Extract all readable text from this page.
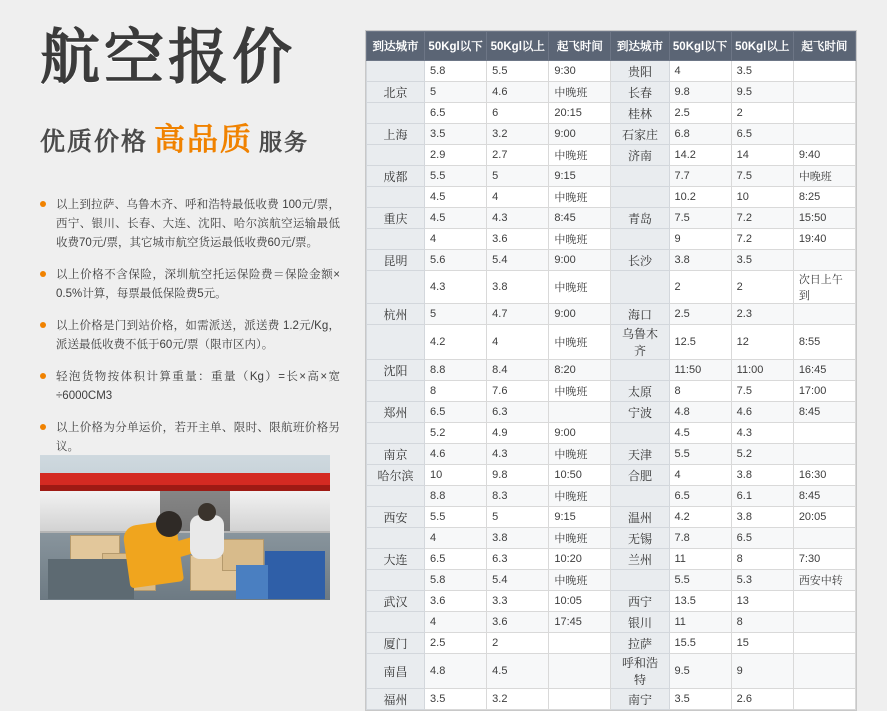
航空报价
优质价格 高品质 服务
以上到拉萨、乌鲁木齐、呼和浩特最低收费 100元/票，西宁、银川、长春、大连、沈阳、哈尔滨航空运输最低收费70元/票，其它城市航空货运最低收费60元/票。
以上价格不含保险，深圳航空托运保险费＝保险金额× 0.5%计算，每票最低保险费5元。
以上价格是门到站价格，如需派送，派送费 1.2元/Kg，派送最低收费不低于60元/票（限市区内）。
轻泡货物按体积计算重量：重量（Kg）=长×高×宽÷6000CM3
以上价格为分单运价，若开主单、限时、限航班价格另议。
到达城市	50Kgl以下	50Kgl以上	起飞时间	到达城市	50Kgl以下	50Kgl以上	起飞时间
	5.8	5.5	9:30	贵阳	4	3.5	
北京	5	4.6	中晚班	长春	9.8	9.5	
	6.5	6	20:15	桂林	2.5	2	
上海	3.5	3.2	9:00	石家庄	6.8	6.5	
	2.9	2.7	中晚班	济南	14.2	14	9:40
成都	5.5	5	9:15		7.7	7.5	中晚班
	4.5	4	中晚班		10.2	10	8:25
重庆	4.5	4.3	8:45	青岛	7.5	7.2	15:50
	4	3.6	中晚班		9	7.2	19:40
昆明	5.6	5.4	9:00	长沙	3.8	3.5	
	4.3	3.8	中晚班		2	2	次日上午到
杭州	5	4.7	9:00	海口	2.5	2.3	
	4.2	4	中晚班	乌鲁木齐	12.5	12	8:55
沈阳	8.8	8.4	8:20		11:50	11:00	16:45
	8	7.6	中晚班	太原	8	7.5	17:00
郑州	6.5	6.3		宁波	4.8	4.6	8:45
	5.2	4.9	9:00		4.5	4.3	
南京	4.6	4.3	中晚班	天津	5.5	5.2	
哈尔滨	10	9.8	10:50	合肥	4	3.8	16:30
	8.8	8.3	中晚班		6.5	6.1	8:45
西安	5.5	5	9:15	温州	4.2	3.8	20:05
	4	3.8	中晚班	无锡	7.8	6.5	
大连	6.5	6.3	10:20	兰州	11	8	7:30
	5.8	5.4	中晚班		5.5	5.3	西安中转
武汉	3.6	3.3	10:05	西宁	13.5	13	
	4	3.6	17:45	银川	11	8	
厦门	2.5	2		拉萨	15.5	15	
南昌	4.8	4.5		呼和浩特	9.5	9	
福州	3.5	3.2		南宁	3.5	2.6	
